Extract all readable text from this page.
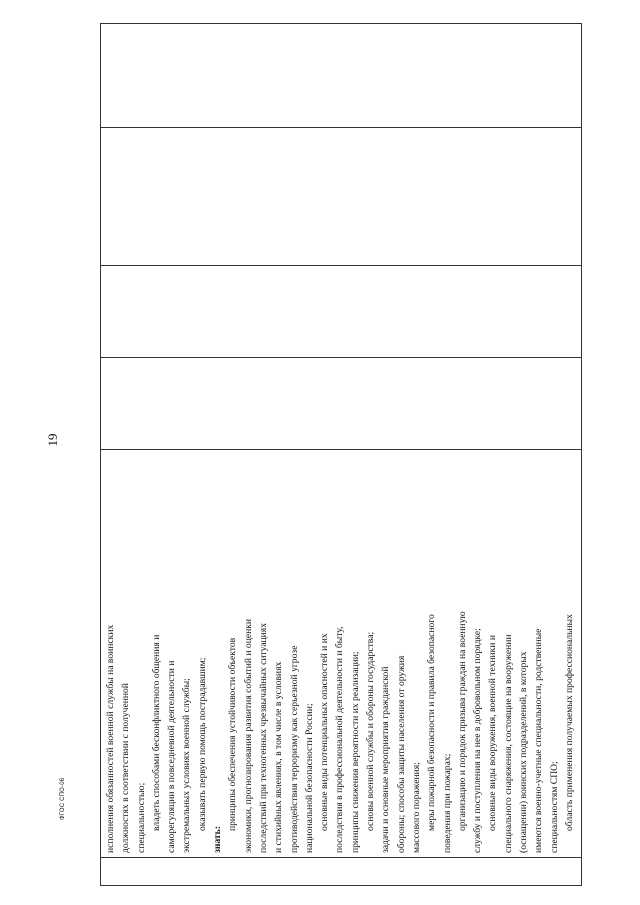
19
ФГОС СПО-06
		исполнения обязанностей военной службы на воинских должностях в соответствии с полученной специальностью; владеть способами бесконфликтного общения и саморегуляции в повседневной деятельности и экстремальных условиях военной службы; оказывать первую помощь пострадавшим;
знать:
принципы обеспечения устойчивости объектов экономики, прогнозирования развития событий и оценки последствий при техногенных чрезвычайных ситуациях и стихийных явлениях, в том числе в условиях противодействия терроризму как серьезной угрозе национальной безопасности России; основные виды потенциальных опасностей и их последствия в профессиональной деятельности и быту, принципы снижения вероятности их реализации; основы военной службы и обороны государства; задачи и основные мероприятия гражданской обороны; способы защиты населения от оружия массового поражения; меры пожарной безопасности и правила безопасного поведения при пожарах; организацию и порядок призыва граждан на военную службу и поступления на нее в добровольном порядке; основные виды вооружения, военной техники и специального снаряжения, состоящие на вооружении (оснащении) воинских подразделений, в которых имеются военно-учетные специальности, родственные специальностям СПО; область применения получаемых профессиональных
